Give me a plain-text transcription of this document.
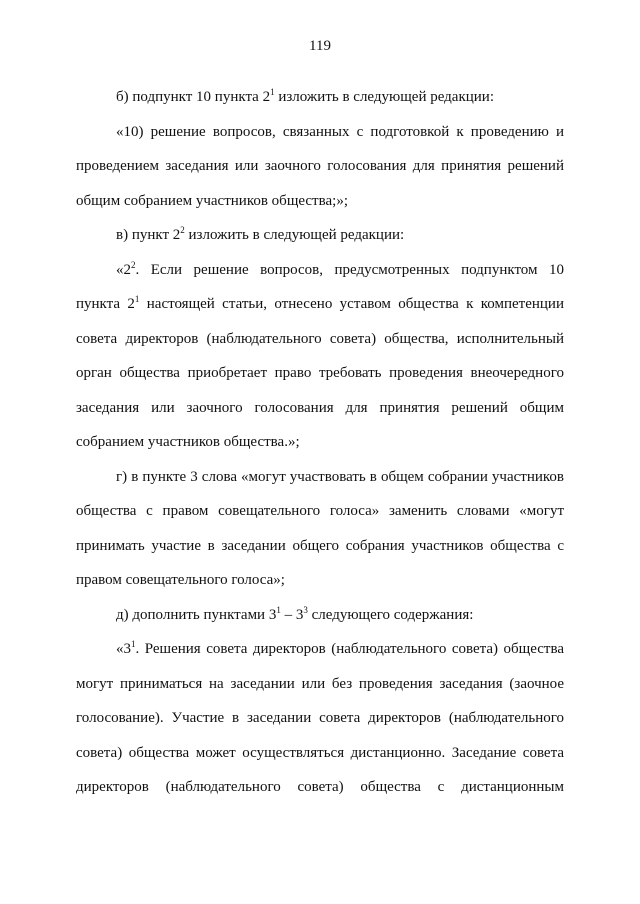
119

б) подпункт 10 пункта $2^1$ изложить в следующей редакции:

«10) решение вопросов, связанных с подготовкой к проведению и проведением заседания или заочного голосования для принятия решений общим собранием участников общества;»;

в) пункт $2^2$ изложить в следующей редакции:

«$2^2$. Если решение вопросов, предусмотренных подпунктом 10 пункта $2^1$ настоящей статьи, отнесено уставом общества к компетенции совета директоров (наблюдательного совета) общества, исполнительный орган общества приобретает право требовать проведения внеочередного заседания или заочного голосования для принятия решений общим собранием участников общества.»;

г) в пункте 3 слова «могут участвовать в общем собрании участников общества с правом совещательного голоса» заменить словами «могут принимать участие в заседании общего собрания участников общества с правом совещательного голоса»;

д) дополнить пунктами $3^1 - 3^3$ следующего содержания:

«$3^1$. Решения совета директоров (наблюдательного совета) общества могут приниматься на заседании или без проведения заседания (заочное голосование). Участие в заседании совета директоров (наблюдательного совета) общества может осуществляться дистанционно. Заседание совета директоров (наблюдательного совета) общества с дистанционным
